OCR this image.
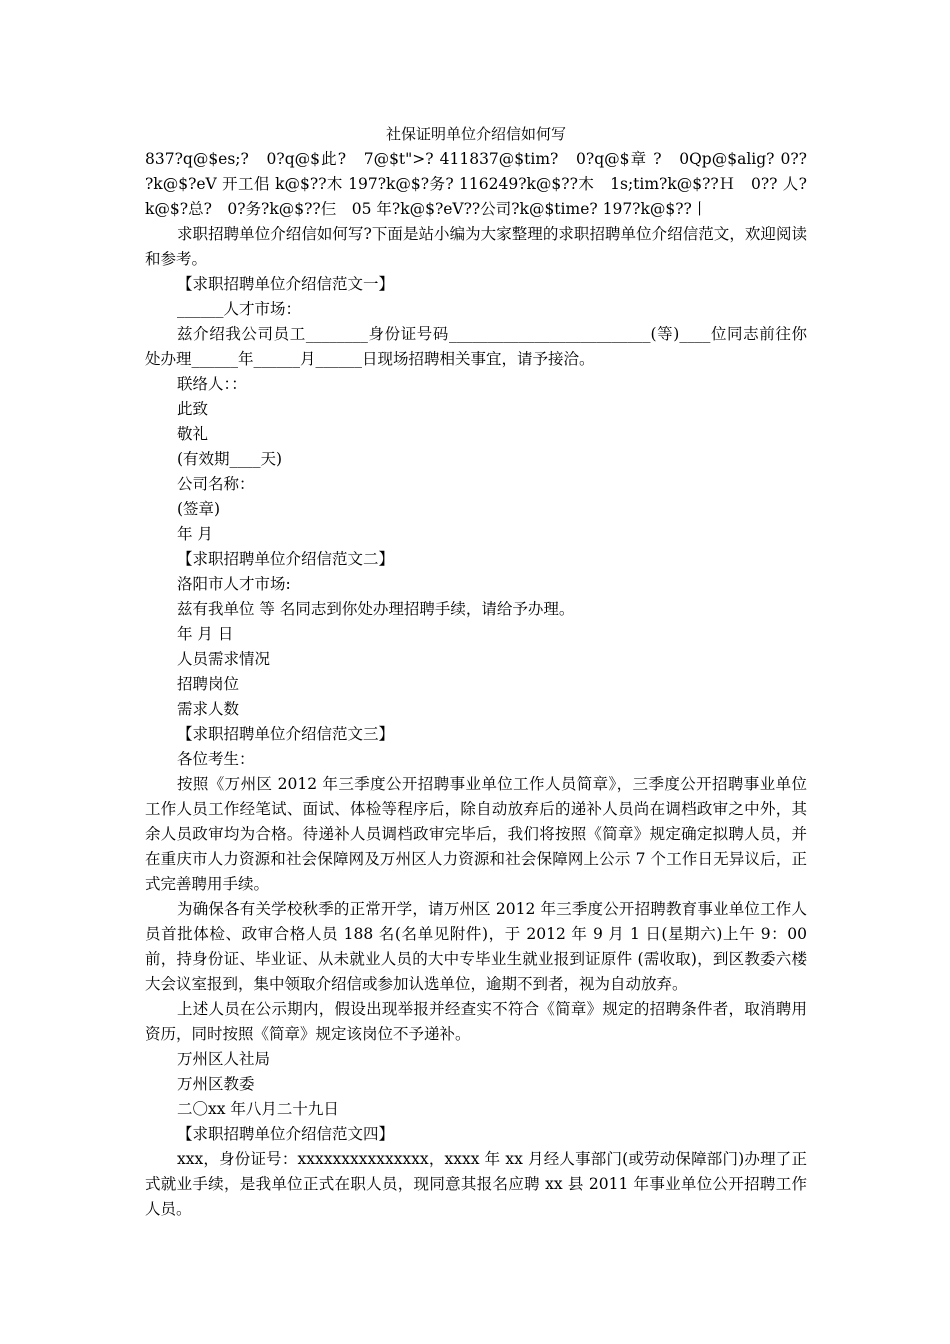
社保证明单位介绍信如何写

837?q@$es;?　0?q@$此?　7@$t">? 411837@$tim?　0?q@$章 ?　0Qp@$alig? 0??　?k@$?eV 开工佀 k@$??木 197?k@$?务? 116249?k@$??木　1s;tim?k@$??Ｈ　0?? 人?k@$?总?　0?务?k@$??仨　05 年?k@$?eV??公司?k@$time? 197?k@$??丨

求职招聘单位介绍信如何写?下面是站小编为大家整理的求职招聘单位介绍信范文，欢迎阅读和参考。

【求职招聘单位介绍信范文一】

______人才市场：

兹介绍我公司员工________身份证号码__________________________(等)____位同志前往你处办理______年______月______日现场招聘相关事宜，请予接洽。

联络人：：

此致

敬礼

(有效期____天)

公司名称：

(签章)

年 月

【求职招聘单位介绍信范文二】

洛阳市人才市场:

兹有我单位 等 名同志到你处办理招聘手续，请给予办理。

年 月 日

人员需求情况

招聘岗位

需求人数

【求职招聘单位介绍信范文三】

各位考生：

按照《万州区 2012 年三季度公开招聘事业单位工作人员简章》，三季度公开招聘事业单位工作人员工作经笔试、面试、体检等程序后，除自动放弃后的递补人员尚在调档政审之中外，其余人员政审均为合格。待递补人员调档政审完毕后，我们将按照《简章》规定确定拟聘人员，并在重庆市人力资源和社会保障网及万州区人力资源和社会保障网上公示 7 个工作日无异议后，正式完善聘用手续。

为确保各有关学校秋季的正常开学，请万州区 2012 年三季度公开招聘教育事业单位工作人员首批体检、政审合格人员 188 名(名单见附件)，于 2012 年 9 月 1 日(星期六)上午 9：00 前，持身份证、毕业证、从未就业人员的大中专毕业生就业报到证原件 (需收取)，到区教委六楼大会议室报到，集中领取介绍信或参加认选单位，逾期不到者，视为自动放弃。

上述人员在公示期内，假设出现举报并经查实不符合《简章》规定的招聘条件者，取消聘用资历，同时按照《简章》规定该岗位不予递补。

万州区人社局

万州区教委

二〇xx 年八月二十九日

【求职招聘单位介绍信范文四】

xxx，身份证号：xxxxxxxxxxxxxxx，xxxx 年 xx 月经人事部门(或劳动保障部门)办理了正式就业手续，是我单位正式在职人员，现同意其报名应聘 xx 县 2011 年事业单位公开招聘工作人员。
